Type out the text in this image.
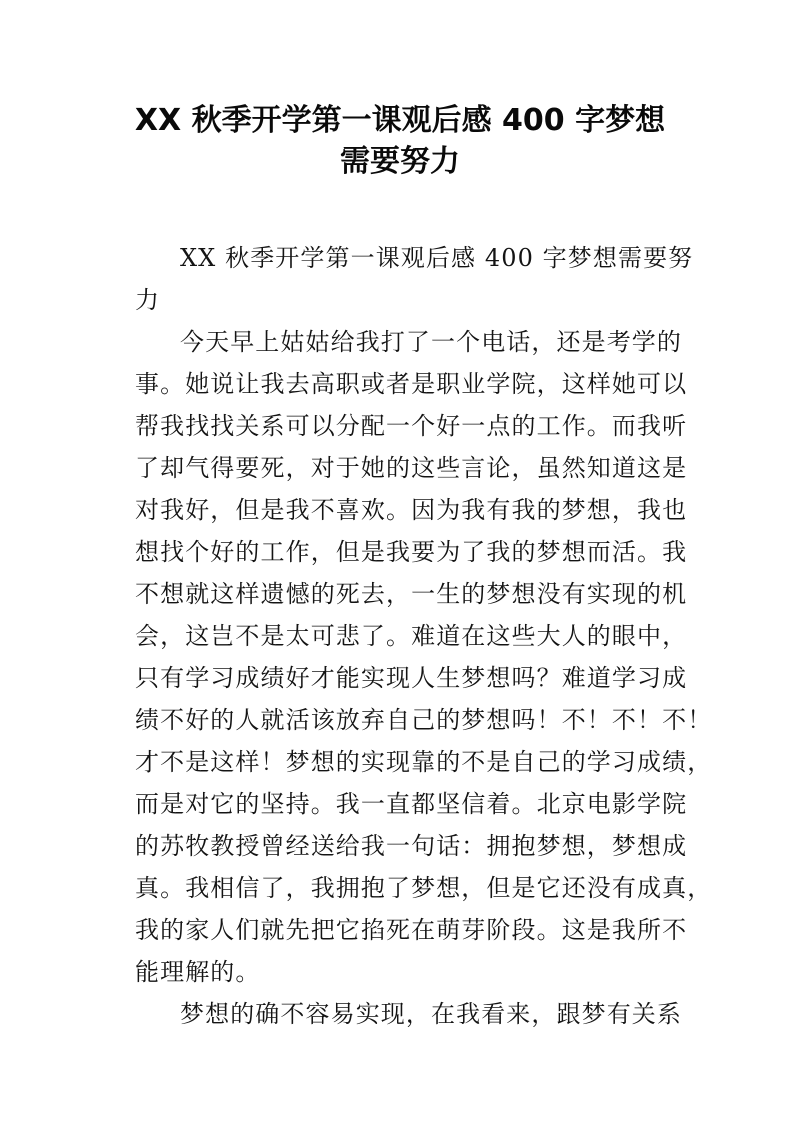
XX 秋季开学第一课观后感 400 字梦想
需要努力
XX 秋季开学第一课观后感 400 字梦想需要努
力
今天早上姑姑给我打了一个电话，还是考学的
事。她说让我去高职或者是职业学院，这样她可以
帮我找找关系可以分配一个好一点的工作。而我听
了却气得要死，对于她的这些言论，虽然知道这是
对我好，但是我不喜欢。因为我有我的梦想，我也
想找个好的工作，但是我要为了我的梦想而活。我
不想就这样遗憾的死去，一生的梦想没有实现的机
会，这岂不是太可悲了。难道在这些大人的眼中，
只有学习成绩好才能实现人生梦想吗？难道学习成
绩不好的人就活该放弃自己的梦想吗！不！不！不！
才不是这样！梦想的实现靠的不是自己的学习成绩，
而是对它的坚持。我一直都坚信着。北京电影学院
的苏牧教授曾经送给我一句话：拥抱梦想，梦想成
真。我相信了，我拥抱了梦想，但是它还没有成真，
我的家人们就先把它掐死在萌芽阶段。这是我所不
能理解的。
梦想的确不容易实现，在我看来，跟梦有关系
